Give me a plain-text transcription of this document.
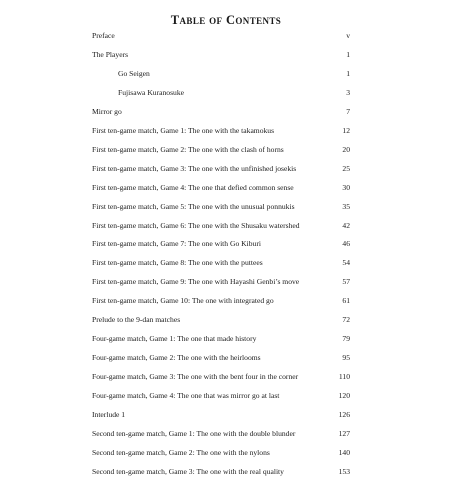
Table of Contents
Preface	v
The Players	1
Go Seigen	1
Fujisawa Kuranosuke	3
Mirror go	7
First ten-game match, Game 1: The one with the takamokus	12
First ten-game match, Game 2: The one with the clash of horns	20
First ten-game match, Game 3: The one with the unfinished josekis	25
First ten-game match, Game 4: The one that defied common sense	30
First ten-game match, Game 5: The one with the unusual ponnukis	35
First ten-game match, Game 6: The one with the Shusaku watershed	42
First ten-game match, Game 7: The one with Go Kiburi	46
First ten-game match, Game 8: The one with the puttees	54
First ten-game match, Game 9: The one with Hayashi Genbi’s move	57
First ten-game match, Game 10: The one with integrated go	61
Prelude to the 9-dan matches	72
Four-game match, Game 1: The one that made history	79
Four-game match, Game 2: The one with the heirlooms	95
Four-game match, Game 3: The one with the bent four in the corner	110
Four-game match, Game 4: The one that was mirror go at last	120
Interlude 1	126
Second ten-game match, Game 1: The one with the double blunder	127
Second ten-game match, Game 2: The one with the nylons	140
Second ten-game match, Game 3: The one with the real quality	153
